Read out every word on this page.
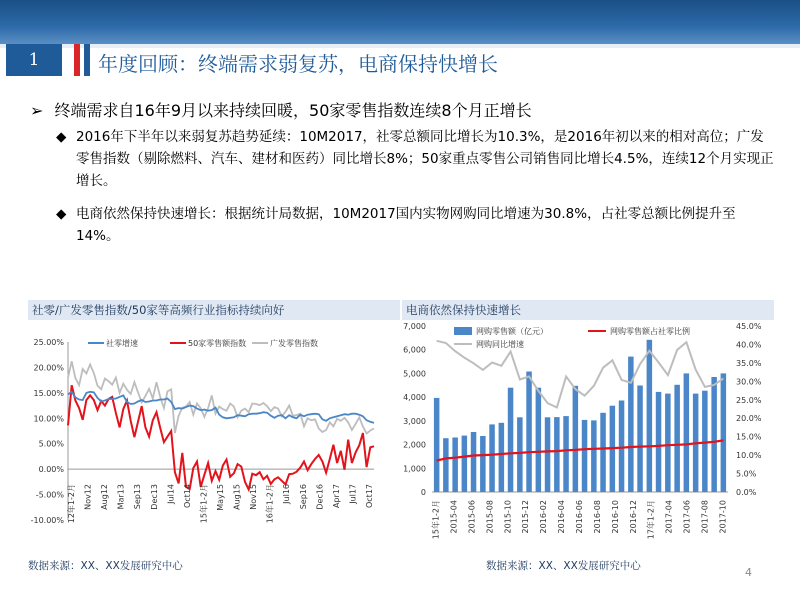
1	年度回顾：终端需求弱复苏，电商保持快增长
➢ 终端需求自16年9月以来持续回暖，50家零售指数连续8个月正增长
◆ 2016年下半年以来弱复苏趋势延续：10M2017，社零总额同比增长为10.3%，是2016年初以来的相对高位；广发零售指数（剔除燃料、汽车、建材和医药）同比增长8%；50家重点零售公司销售同比增长4.5%，连续12个月实现正增长。
◆ 电商依然保持快速增长：根据统计局数据，10M2017国内实物网购同比增速为30.8%，占社零总额比例提升至14%。
社零/广发零售指数/50家等高频行业指标持续向好	电商依然保持快速增长
25.00%
20.00%
15.00%
10.00%
5.00%
0.00%
-5.00%
-10.00% 12年1-2月 Nov12 Aug12 Mar13 Sep13 Dec13 Jul14 Oct14 15年1-2月 May15 Aug15 Nov15 16年1-2月 Jul16 Sep16 Dec16 Apr17 Jul17 Oct17
社零增速	50家零售额指数	广发零售指数
7,000
6,000
5,000
4,000
3,000
2,000
1,000
0
45.0%
40.0%
35.0%
30.0%
25.0%
20.0%
15.0%
10.0%
5.0%
0.0%
15年1-2月 2015-04 2015-06 2015-08 2015-10 2015-12 2016-02 2016-04 2016-06 2016-08 2016-10 2016-12 17年1-2月 2017-04 2017-06 2017-08 2017-10
网购零售额（亿元）	网购零售额占社零比例
网购同比增速
数据来源：XX、XX发展研究中心	数据来源：XX、XX发展研究中心	4
